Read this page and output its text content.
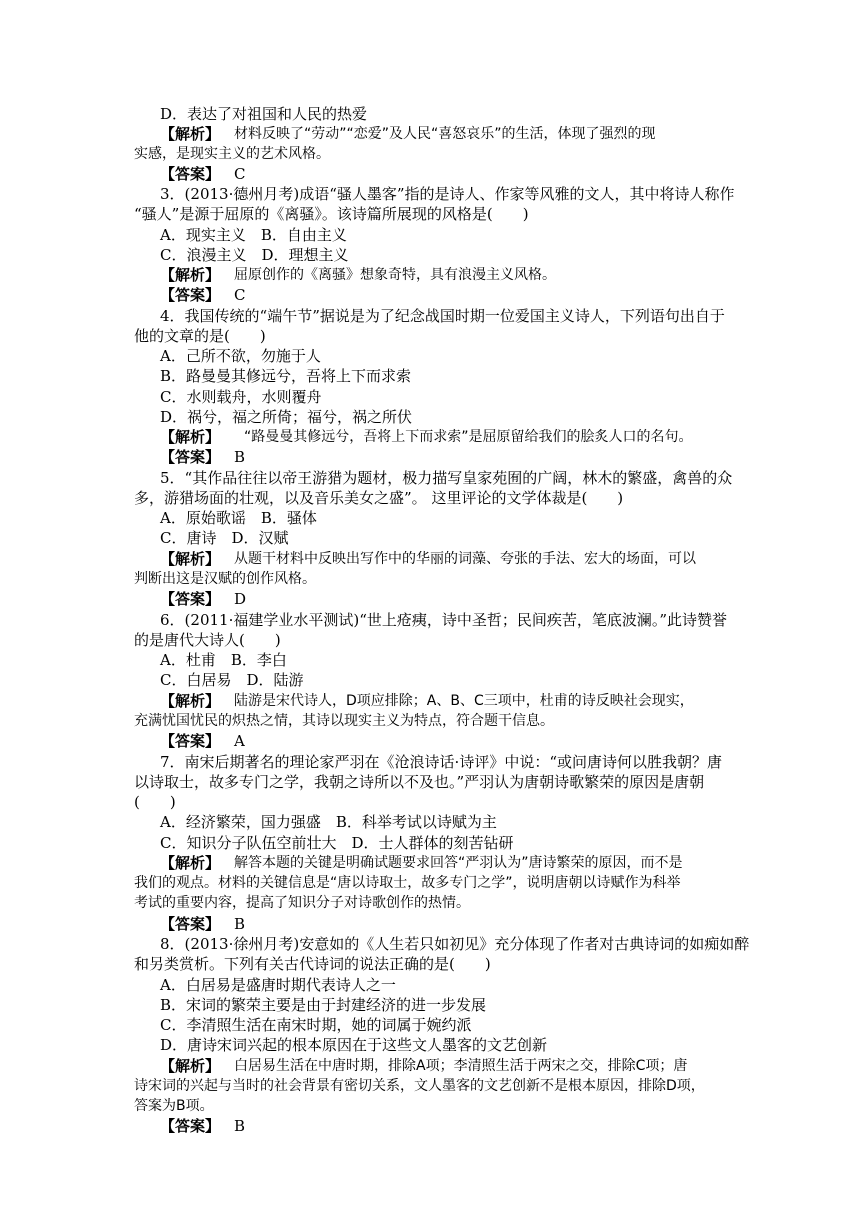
D．表达了对祖国和人民的热爱
【解析】 材料反映了“劳动”“恋爱”及人民“喜怒哀乐”的生活，体现了强烈的现
实感，是现实主义的艺术风格。
【答案】 C
3．(2013·德州月考)成语“骚人墨客”指的是诗人、作家等风雅的文人，其中将诗人称作
“骚人”是源于屈原的《离骚》。该诗篇所展现的风格是(　　)
A．现实主义　B．自由主义
C．浪漫主义　D．理想主义
【解析】 屈原创作的《离骚》想象奇特，具有浪漫主义风格。
【答案】 C
4．我国传统的“端午节”据说是为了纪念战国时期一位爱国主义诗人，下列语句出自于
他的文章的是(　　)
A．己所不欲，勿施于人
B．路曼曼其修远兮，吾将上下而求索
C．水则载舟，水则覆舟
D．祸兮，福之所倚；福兮，祸之所伏
【解析】 “路曼曼其修远兮，吾将上下而求索”是屈原留给我们的脍炙人口的名句。
【答案】 B
5．“其作品往往以帝王游猎为题材，极力描写皇家苑囿的广阔，林木的繁盛，禽兽的众
多，游猎场面的壮观，以及音乐美女之盛”。 这里评论的文学体裁是(　　)
A．原始歌谣　B．骚体
C．唐诗　D．汉赋
【解析】 从题干材料中反映出写作中的华丽的词藻、夸张的手法、宏大的场面，可以
判断出这是汉赋的创作风格。
【答案】 D
6．(2011·福建学业水平测试)“世上疮痍，诗中圣哲；民间疾苦，笔底波澜。”此诗赞誉
的是唐代大诗人(　　)
A．杜甫　B．李白
C．白居易　D．陆游
【解析】 陆游是宋代诗人，D项应排除；A、B、C三项中，杜甫的诗反映社会现实，
充满忧国忧民的炽热之情，其诗以现实主义为特点，符合题干信息。
【答案】 A
7．南宋后期著名的理论家严羽在《沧浪诗话·诗评》中说：“或问唐诗何以胜我朝？唐
以诗取士，故多专门之学，我朝之诗所以不及也。”严羽认为唐朝诗歌繁荣的原因是唐朝
(　　)
A．经济繁荣，国力强盛　B．科举考试以诗赋为主
C．知识分子队伍空前壮大　D．士人群体的刻苦钻研
【解析】 解答本题的关键是明确试题要求回答“严羽认为”唐诗繁荣的原因，而不是
我们的观点。材料的关键信息是“唐以诗取士，故多专门之学”，说明唐朝以诗赋作为科举
考试的重要内容，提高了知识分子对诗歌创作的热情。
【答案】 B
8．(2013·徐州月考)安意如的《人生若只如初见》充分体现了作者对古典诗词的如痴如醉
和另类赏析。下列有关古代诗词的说法正确的是(　　)
A．白居易是盛唐时期代表诗人之一
B．宋词的繁荣主要是由于封建经济的进一步发展
C．李清照生活在南宋时期，她的词属于婉约派
D．唐诗宋词兴起的根本原因在于这些文人墨客的文艺创新
【解析】 白居易生活在中唐时期，排除A项；李清照生活于两宋之交，排除C项；唐
诗宋词的兴起与当时的社会背景有密切关系，文人墨客的文艺创新不是根本原因，排除D项，
答案为B项。
【答案】 B
